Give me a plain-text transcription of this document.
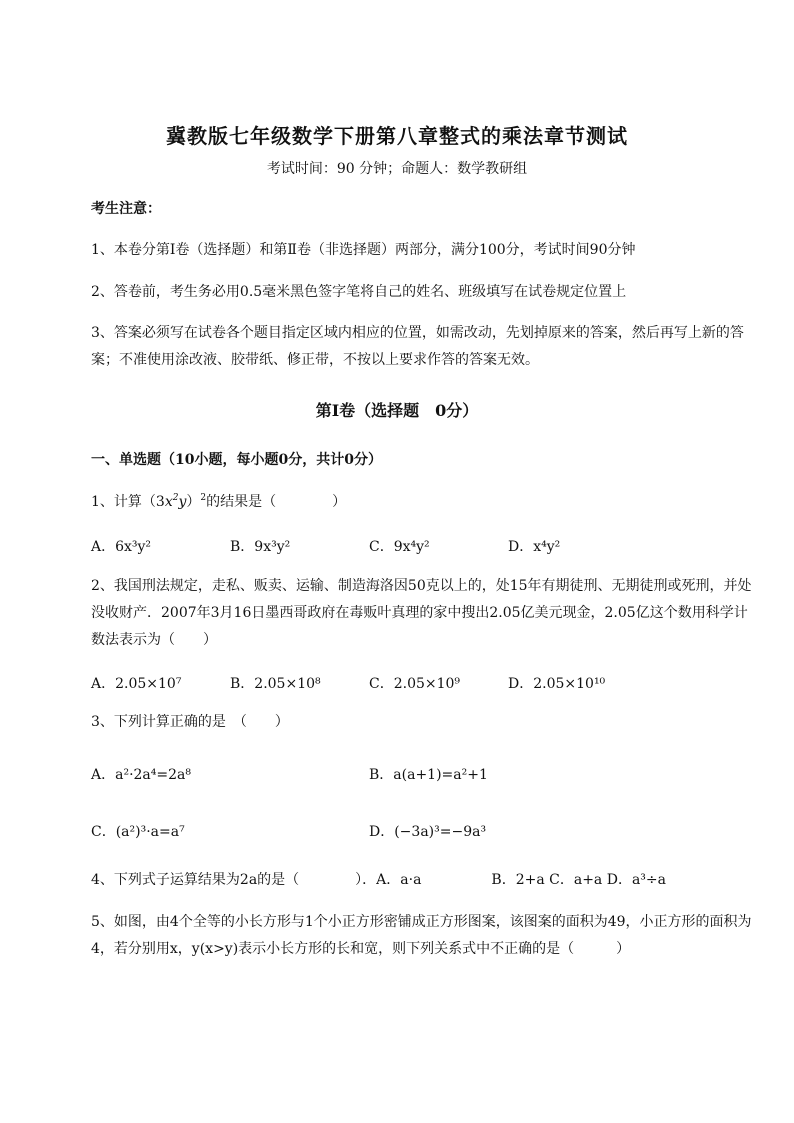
冀教版七年级数学下册第八章整式的乘法章节测试
考试时间：90 分钟；命题人：数学教研组
考生注意：
1、本卷分第Ⅰ卷（选择题）和第Ⅱ卷（非选择题）两部分，满分100分，考试时间90分钟
2、答卷前，考生务必用0.5毫米黑色签字笔将自己的姓名、班级填写在试卷规定位置上
3、答案必须写在试卷各个题目指定区域内相应的位置，如需改动，先划掉原来的答案，然后再写上新的答案；不准使用涂改液、胶带纸、修正带，不按以上要求作答的答案无效。
第Ⅰ卷（选择题　0分）
一、单选题（10小题，每小题0分，共计0分）
1、计算$(3x^2y)^2$的结果是（　　　　）
A．6x³y²	B．9x³y²	C．9x⁴y²	D．x⁴y²
2、我国刑法规定，走私、贩卖、运输、制造海洛因50克以上的，处15年有期徒刑、无期徒刑或死刑，并处没收财产．2007年3月16日墨西哥政府在毒贩叶真理的家中搜出2.05亿美元现金，2.05亿这个数用科学计数法表示为（　　）
A．2.05×10⁷	B．2.05×10⁸	C．2.05×10⁹	D．2.05×10¹⁰
3、下列计算正确的是　（　　）
A．a²·2a⁴=2a⁸	B．a(a+1)=a²+1
C．(a²)³·a=a⁷	D．(−3a)³=−9a³
4、下列式子运算结果为2a的是（　　　　）．A．a·a　　　　　B．2+a C．a+a D．a³÷a
5、如图，由4个全等的小长方形与1个小正方形密铺成正方形图案，该图案的面积为49，小正方形的面积为4，若分别用x，y(x>y)表示小长方形的长和宽，则下列关系式中不正确的是（　　　）
